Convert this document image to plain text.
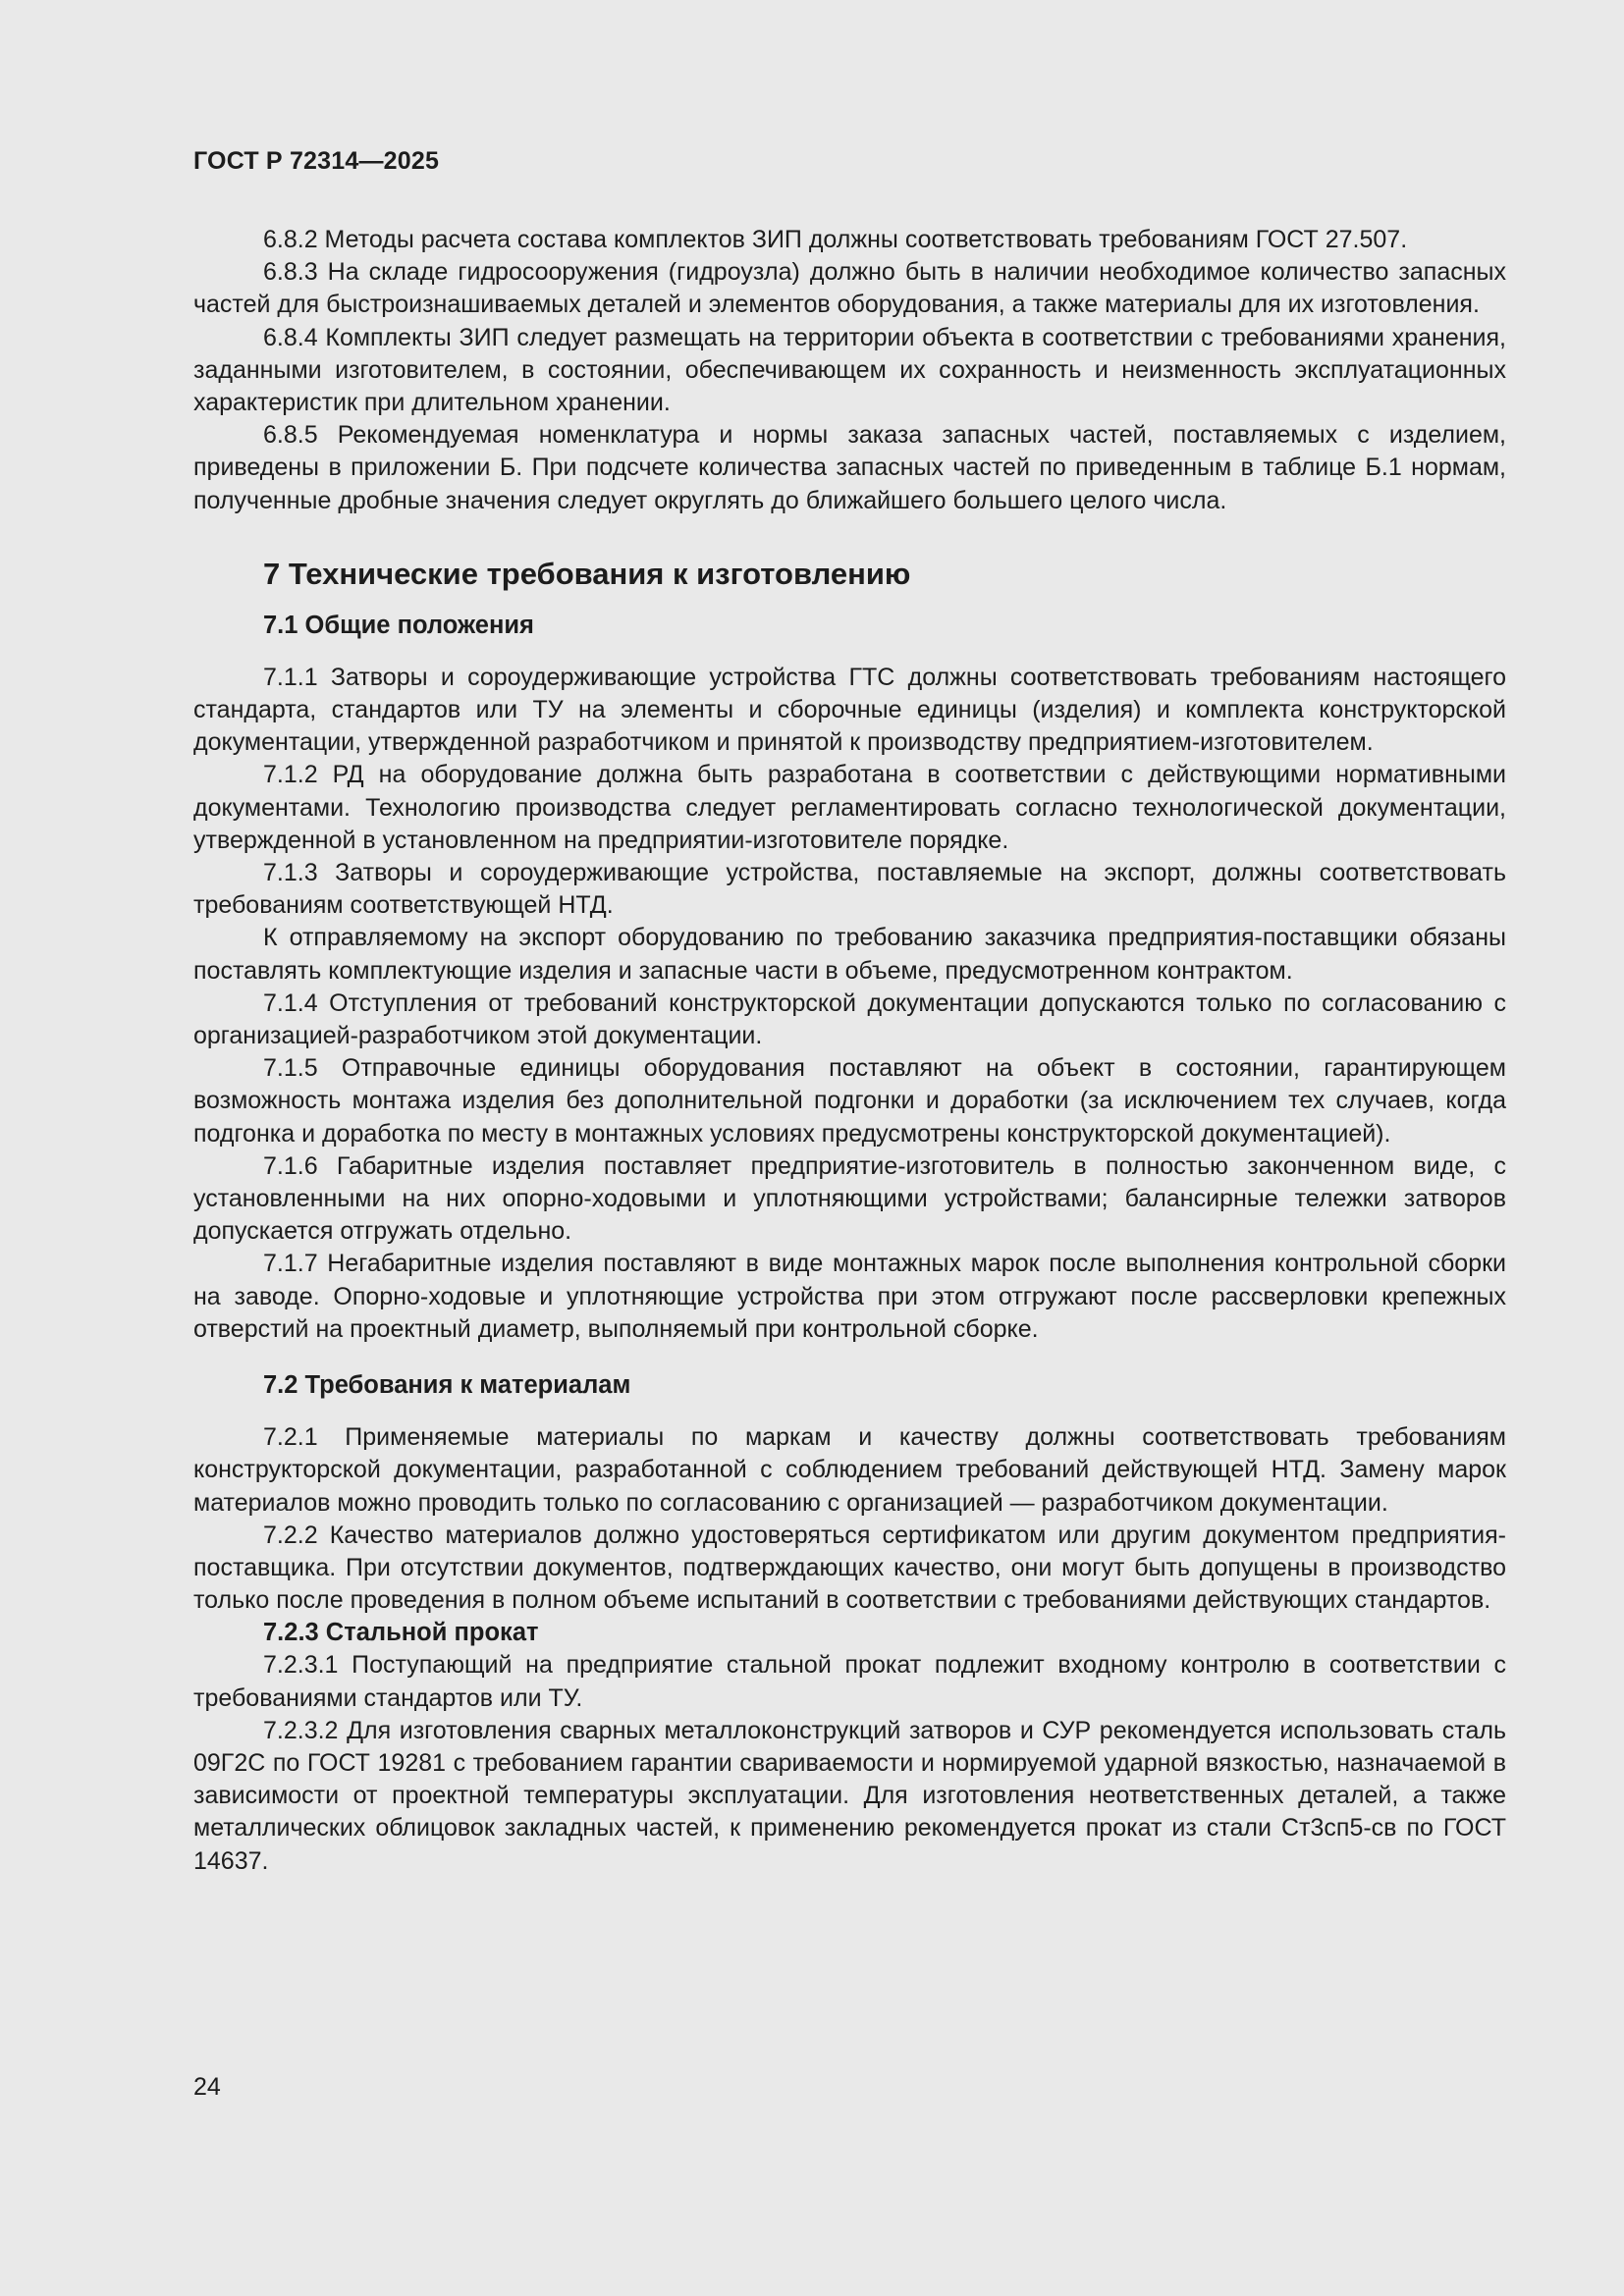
ГОСТ Р 72314—2025

6.8.2 Методы расчета состава комплектов ЗИП должны соответствовать требованиям ГОСТ 27.507.

6.8.3 На складе гидросооружения (гидроузла) должно быть в наличии необходимое количество запасных частей для быстроизнашиваемых деталей и элементов оборудования, а также материалы для их изготовления.

6.8.4 Комплекты ЗИП следует размещать на территории объекта в соответствии с требованиями хранения, заданными изготовителем, в состоянии, обеспечивающем их сохранность и неизменность эксплуатационных характеристик при длительном хранении.

6.8.5 Рекомендуемая номенклатура и нормы заказа запасных частей, поставляемых с изделием, приведены в приложении Б. При подсчете количества запасных частей по приведенным в таблице Б.1 нормам, полученные дробные значения следует округлять до ближайшего большего целого числа.

7 Технические требования к изготовлению
7.1 Общие положения

7.1.1 Затворы и сороудерживающие устройства ГТС должны соответствовать требованиям настоящего стандарта, стандартов или ТУ на элементы и сборочные единицы (изделия) и комплекта конструкторской документации, утвержденной разработчиком и принятой к производству предприятием-изготовителем.

7.1.2 РД на оборудование должна быть разработана в соответствии с действующими нормативными документами. Технологию производства следует регламентировать согласно технологической документации, утвержденной в установленном на предприятии-изготовителе порядке.

7.1.3 Затворы и сороудерживающие устройства, поставляемые на экспорт, должны соответствовать требованиям соответствующей НТД.

К отправляемому на экспорт оборудованию по требованию заказчика предприятия-поставщики обязаны поставлять комплектующие изделия и запасные части в объеме, предусмотренном контрактом.

7.1.4 Отступления от требований конструкторской документации допускаются только по согласованию с организацией-разработчиком этой документации.

7.1.5 Отправочные единицы оборудования поставляют на объект в состоянии, гарантирующем возможность монтажа изделия без дополнительной подгонки и доработки (за исключением тех случаев, когда подгонка и доработка по месту в монтажных условиях предусмотрены конструкторской документацией).

7.1.6 Габаритные изделия поставляет предприятие-изготовитель в полностью законченном виде, с установленными на них опорно-ходовыми и уплотняющими устройствами; балансирные тележки затворов допускается отгружать отдельно.

7.1.7 Негабаритные изделия поставляют в виде монтажных марок после выполнения контрольной сборки на заводе. Опорно-ходовые и уплотняющие устройства при этом отгружают после рассверловки крепежных отверстий на проектный диаметр, выполняемый при контрольной сборке.

7.2 Требования к материалам

7.2.1 Применяемые материалы по маркам и качеству должны соответствовать требованиям конструкторской документации, разработанной с соблюдением требований действующей НТД. Замену марок материалов можно проводить только по согласованию с организацией — разработчиком документации.

7.2.2 Качество материалов должно удостоверяться сертификатом или другим документом предприятия-поставщика. При отсутствии документов, подтверждающих качество, они могут быть допущены в производство только после проведения в полном объеме испытаний в соответствии с требованиями действующих стандартов.

7.2.3 Стальной прокат

7.2.3.1 Поступающий на предприятие стальной прокат подлежит входному контролю в соответствии с требованиями стандартов или ТУ.

7.2.3.2 Для изготовления сварных металлоконструкций затворов и СУР рекомендуется использовать сталь 09Г2С по ГОСТ 19281 с требованием гарантии свариваемости и нормируемой ударной вязкостью, назначаемой в зависимости от проектной температуры эксплуатации. Для изготовления неответственных деталей, а также металлических облицовок закладных частей, к применению рекомендуется прокат из стали Ст3сп5-св по ГОСТ 14637.

24
